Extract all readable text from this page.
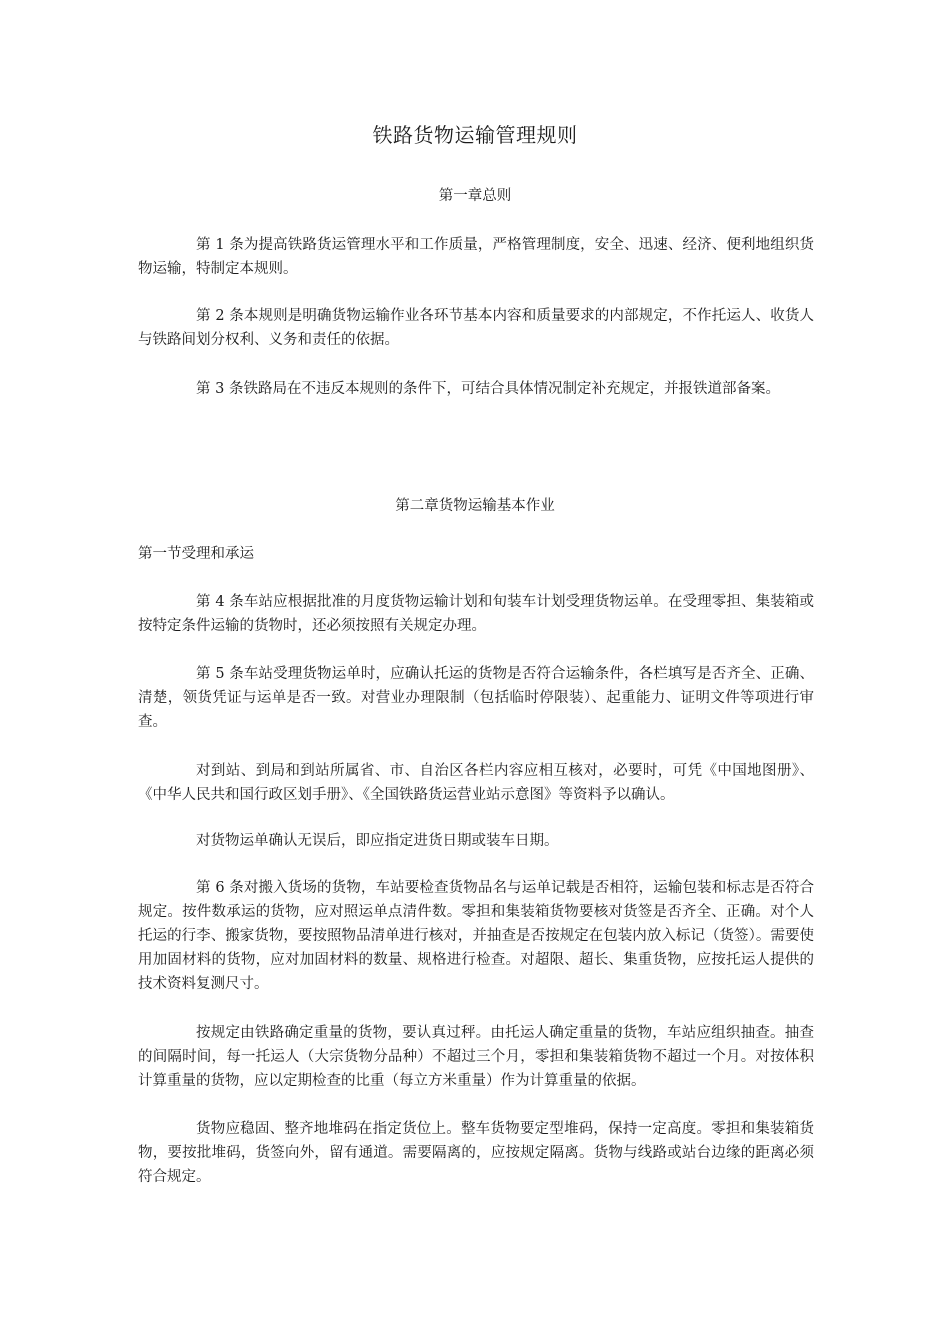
铁路货物运输管理规则
第一章总则

第 1 条为提高铁路货运管理水平和工作质量，严格管理制度，安全、迅速、经济、便利地组织货物运输，特制定本规则。

第 2 条本规则是明确货物运输作业各环节基本内容和质量要求的内部规定，不作托运人、收货人与铁路间划分权利、义务和责任的依据。

第 3 条铁路局在不违反本规则的条件下，可结合具体情况制定补充规定，并报铁道部备案。

第二章货物运输基本作业
第一节受理和承运

第 4 条车站应根据批准的月度货物运输计划和旬装车计划受理货物运单。在受理零担、集装箱或按特定条件运输的货物时，还必须按照有关规定办理。

第 5 条车站受理货物运单时，应确认托运的货物是否符合运输条件，各栏填写是否齐全、正确、清楚，领货凭证与运单是否一致。对营业办理限制（包括临时停限装）、起重能力、证明文件等项进行审查。

对到站、到局和到站所属省、市、自治区各栏内容应相互核对，必要时，可凭《中国地图册》、《中华人民共和国行政区划手册》、《全国铁路货运营业站示意图》等资料予以确认。

对货物运单确认无误后，即应指定进货日期或装车日期。

第 6 条对搬入货场的货物，车站要检查货物品名与运单记载是否相符，运输包装和标志是否符合规定。按件数承运的货物，应对照运单点清件数。零担和集装箱货物要核对货签是否齐全、正确。对个人托运的行李、搬家货物，要按照物品清单进行核对，并抽查是否按规定在包装内放入标记（货签）。需要使用加固材料的货物，应对加固材料的数量、规格进行检查。对超限、超长、集重货物，应按托运人提供的技术资料复测尺寸。

按规定由铁路确定重量的货物，要认真过秤。由托运人确定重量的货物，车站应组织抽查。抽查的间隔时间，每一托运人（大宗货物分品种）不超过三个月，零担和集装箱货物不超过一个月。对按体积计算重量的货物，应以定期检查的比重（每立方米重量）作为计算重量的依据。

货物应稳固、整齐地堆码在指定货位上。整车货物要定型堆码，保持一定高度。零担和集装箱货物，要按批堆码，货签向外，留有通道。需要隔离的，应按规定隔离。货物与线路或站台边缘的距离必须符合规定。
